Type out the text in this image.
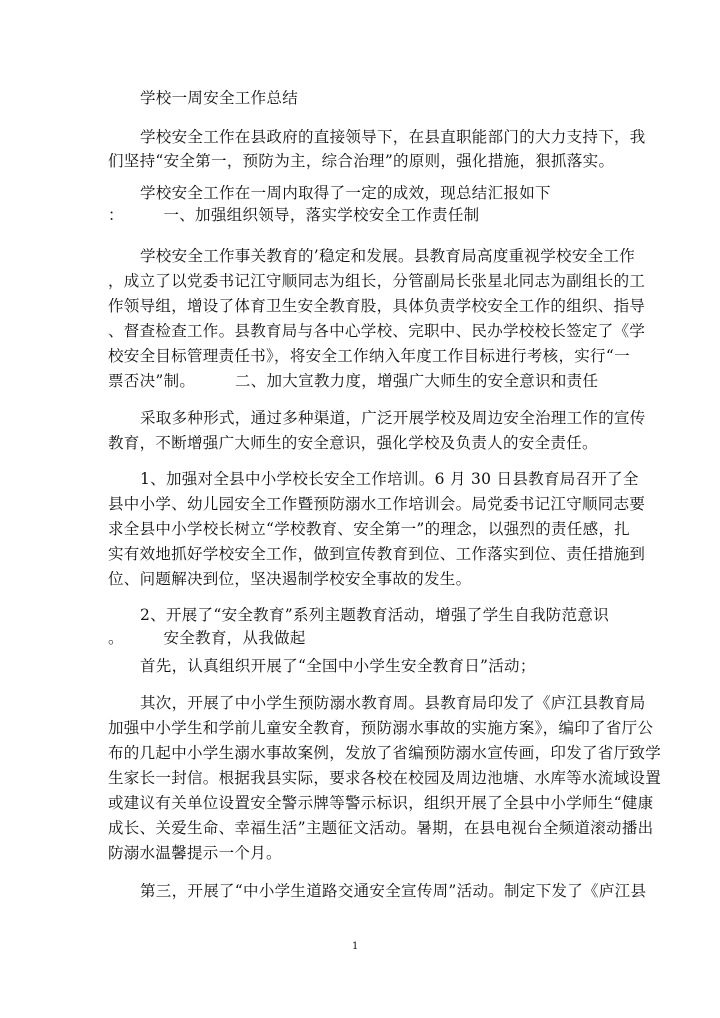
学校一周安全工作总结
学校安全工作在县政府的直接领导下，在县直职能部门的大力支持下，我
们坚持“安全第一，预防为主，综合治理”的原则，强化措施，狠抓落实。
学校安全工作在一周内取得了一定的成效，现总结汇报如下
：　　　一、加强组织领导，落实学校安全工作责任制
学校安全工作事关教育的’稳定和发展。县教育局高度重视学校安全工作
，成立了以党委书记江守顺同志为组长，分管副局长张星北同志为副组长的工
作领导组，增设了体育卫生安全教育股，具体负责学校安全工作的组织、指导
、督查检查工作。县教育局与各中心学校、完职中、民办学校校长签定了《学
校安全目标管理责任书》，将安全工作纳入年度工作目标进行考核，实行“一
票否决”制。　　　二、加大宣教力度，增强广大师生的安全意识和责任
采取多种形式，通过多种渠道，广泛开展学校及周边安全治理工作的宣传
教育，不断增强广大师生的安全意识，强化学校及负责人的安全责任。
1、加强对全县中小学校长安全工作培训。6 月 30 日县教育局召开了全
县中小学、幼儿园安全工作暨预防溺水工作培训会。局党委书记江守顺同志要
求全县中小学校长树立“学校教育、安全第一”的理念，以强烈的责任感，扎
实有效地抓好学校安全工作，做到宣传教育到位、工作落实到位、责任措施到
位、问题解决到位，坚决遏制学校安全事故的发生。
2、开展了“安全教育”系列主题教育活动，增强了学生自我防范意识
。　　　安全教育，从我做起
首先，认真组织开展了“全国中小学生安全教育日”活动；
其次，开展了中小学生预防溺水教育周。县教育局印发了《庐江县教育局
加强中小学生和学前儿童安全教育，预防溺水事故的实施方案》，编印了省厅公
布的几起中小学生溺水事故案例，发放了省编预防溺水宣传画，印发了省厅致学
生家长一封信。根据我县实际，要求各校在校园及周边池塘、水库等水流域设置
或建议有关单位设置安全警示牌等警示标识，组织开展了全县中小学师生“健康
成长、关爱生命、幸福生活”主题征文活动。暑期，在县电视台全频道滚动播出
防溺水温馨提示一个月。
第三，开展了“中小学生道路交通安全宣传周”活动。制定下发了《庐江县
1
